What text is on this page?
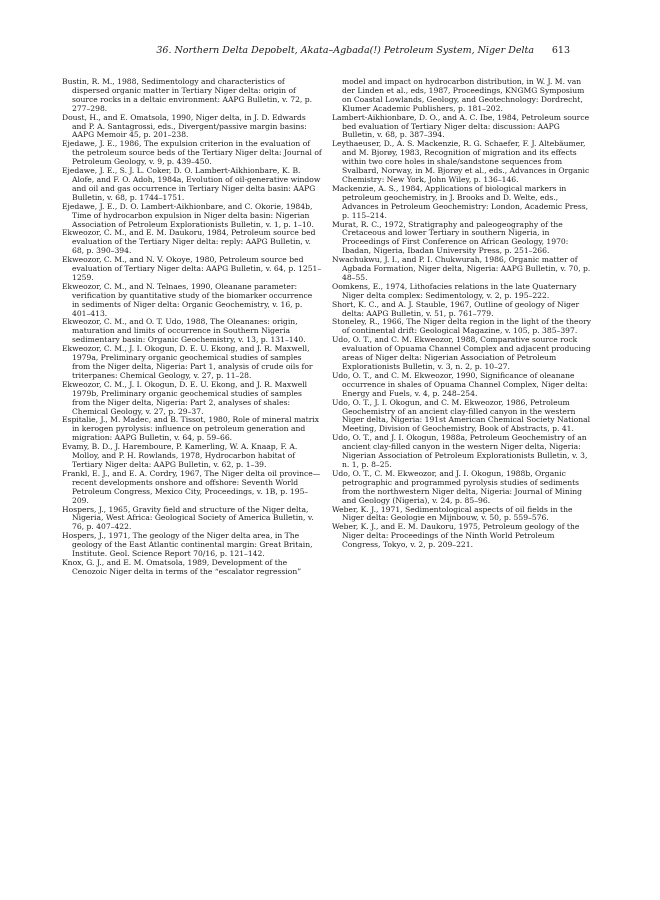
36. Northern Delta Depobelt, Akata–Agbada(!) Petroleum System, Niger Delta 613

Bustin, R. M., 1988, Sedimentology and characteristics of dispersed organic matter in Tertiary Niger delta: origin of source rocks in a deltaic environment: AAPG Bulletin, v. 72, p. 277–298.

Doust, H., and E. Omatsola, 1990, Niger delta, in J. D. Edwards and P. A. Santagrossi, eds., Divergent/passive margin basins: AAPG Memoir 45, p. 201–238.

Ejedawe, J. E., 1986, The expulsion criterion in the evaluation of the petroleum source beds of the Tertiary Niger delta: Journal of Petroleum Geology, v. 9, p. 439–450.

Ejedawe, J. E., S. J. L. Coker, D. O. Lambert-Aikhionbare, K. B. Alofe, and F. O. Adoh, 1984a, Evolution of oil-generative window and oil and gas occurrence in Tertiary Niger delta basin: AAPG Bulletin, v. 68, p. 1744–1751.

Ejedawe, J. E., D. O. Lambert-Aikhionbare, and C. Okorie, 1984b, Time of hydrocarbon expulsion in Niger delta basin: Nigerian Association of Petroleum Explorationists Bulletin, v. 1, p. 1–10.

Ekweozor, C. M., and E. M. Daukoru, 1984, Petroleum source bed evaluation of the Tertiary Niger delta: reply: AAPG Bulletin, v. 68, p. 390–394.

Ekweozor, C. M., and N. V. Okoye, 1980, Petroleum source bed evaluation of Tertiary Niger delta: AAPG Bulletin, v. 64, p. 1251–1259.

Ekweozor, C. M., and N. Telnaes, 1990, Oleanane parameter: verification by quantitative study of the biomarker occurrence in sediments of Niger delta: Organic Geochemistry, v. 16, p. 401–413.

Ekweozor, C. M., and O. T. Udo, 1988, The Oleananes: origin, maturation and limits of occurrence in Southern Nigeria sedimentary basin: Organic Geochemistry, v. 13, p. 131–140.

Ekweozor, C. M., J. I. Okogun, D. E. U. Ekong, and J. R. Maxwell, 1979a, Preliminary organic geochemical studies of samples from the Niger delta, Nigeria: Part 1, analysis of crude oils for triterpanes: Chemical Geology, v. 27, p. 11–28.

Ekweozor, C. M., J. I. Okogun, D. E. U. Ekong, and J. R. Maxwell 1979b, Preliminary organic geochemical studies of samples from the Niger delta, Nigeria: Part 2, analyses of shales: Chemical Geology, v. 27, p. 29–37.

Espitalie, J., M. Madec, and B. Tissot, 1980, Role of mineral matrix in kerogen pyrolysis: influence on petroleum generation and migration: AAPG Bulletin, v. 64, p. 59–66.

Evamy, B. D., J. Haremboure, P. Kamerling, W. A. Knaap, F. A. Molloy, and P. H. Rowlands, 1978, Hydrocarbon habitat of Tertiary Niger delta: AAPG Bulletin, v. 62, p. 1–39.

Frankl, E. J., and E. A. Cordry, 1967, The Niger delta oil province—recent developments onshore and offshore: Seventh World Petroleum Congress, Mexico City, Proceedings, v. 1B, p. 195–209.

Hospers, J., 1965, Gravity field and structure of the Niger delta, Nigeria, West Africa: Geological Society of America Bulletin, v. 76, p. 407–422.

Hospers, J., 1971, The geology of the Niger delta area, in The geology of the East Atlantic continental margin: Great Britain, Institute. Geol. Science Report 70/16, p. 121–142.

Knox, G. J., and E. M. Omatsola, 1989, Development of the Cenozoic Niger delta in terms of the “escalator regression”

model and impact on hydrocarbon distribution, in W. J. M. van der Linden et al., eds, 1987, Proceedings, KNGMG Symposium on Coastal Lowlands, Geology, and Geotechnology: Dordrecht, Klumer Academic Publishers, p. 181–202.

Lambert-Aikhionbare, D. O., and A. C. Ibe, 1984, Petroleum source bed evaluation of Tertiary Niger delta: discussion: AAPG Bulletin, v. 68, p. 387–394.

Leythaeuser, D., A. S. Mackenzie, R. G. Schaefer, F. J. Altebäumer, and M. Bjorøy, 1983, Recognition of migration and its effects within two core holes in shale/sandstone sequences from Svalbard, Norway, in M. Bjorøy et al., eds., Advances in Organic Chemistry: New York, John Wiley, p. 136–146.

Mackenzie, A. S., 1984, Applications of biological markers in petroleum geochemistry, in J. Brooks and D. Welte, eds., Advances in Petroleum Geochemistry: London, Academic Press, p. 115–214.

Murat, R. C., 1972, Stratigraphy and paleogeography of the Cretaceous and lower Tertiary in southern Nigeria, in Proceedings of First Conference on African Geology, 1970: Ibadan, Nigeria, Ibadan University Press, p. 251–266.

Nwachukwu, J. I., and P. I. Chukwurah, 1986, Organic matter of Agbada Formation, Niger delta, Nigeria: AAPG Bulletin, v. 70, p. 48–55.

Oomkens, E., 1974, Lithofacies relations in the late Quaternary Niger delta complex: Sedimentology, v. 2, p. 195–222.

Short, K. C., and A. J. Stauble, 1967, Outline of geology of Niger delta: AAPG Bulletin, v. 51, p. 761–779.

Stoneley, R., 1966, The Niger delta region in the light of the theory of continental drift: Geological Magazine, v. 105, p. 385–397.

Udo, O. T., and C. M. Ekweozor, 1988, Comparative source rock evaluation of Opuama Channel Complex and adjacent producing areas of Niger delta: Nigerian Association of Petroleum Explorationists Bulletin, v. 3, n. 2, p. 10–27.

Udo, O. T., and C. M. Ekweozor, 1990, Significance of oleanane occurrence in shales of Opuama Channel Complex, Niger delta: Energy and Fuels, v. 4, p. 248–254.

Udo, O. T., J. I. Okogun, and C. M. Ekweozor, 1986, Petroleum Geochemistry of an ancient clay-filled canyon in the western Niger delta, Nigeria: 191st American Chemical Society National Meeting, Division of Geochemistry, Book of Abstracts, p. 41.

Udo, O. T., and J. I. Okogun, 1988a, Petroleum Geochemistry of an ancient clay-filled canyon in the western Niger delta, Nigeria: Nigerian Association of Petroleum Explorationists Bulletin, v. 3, n. 1, p. 8–25.

Udo, O. T., C. M. Ekweozor, and J. I. Okogun, 1988b, Organic petrographic and programmed pyrolysis studies of sediments from the northwestern Niger delta, Nigeria: Journal of Mining and Geology (Nigeria), v. 24, p. 85–96.

Weber, K. J., 1971, Sedimentological aspects of oil fields in the Niger delta: Geologie en Mijnbouw, v. 50, p. 559–576.

Weber, K. J., and E. M. Daukoru, 1975, Petroleum geology of the Niger delta: Proceedings of the Ninth World Petroleum Congress, Tokyo, v. 2, p. 209–221.
